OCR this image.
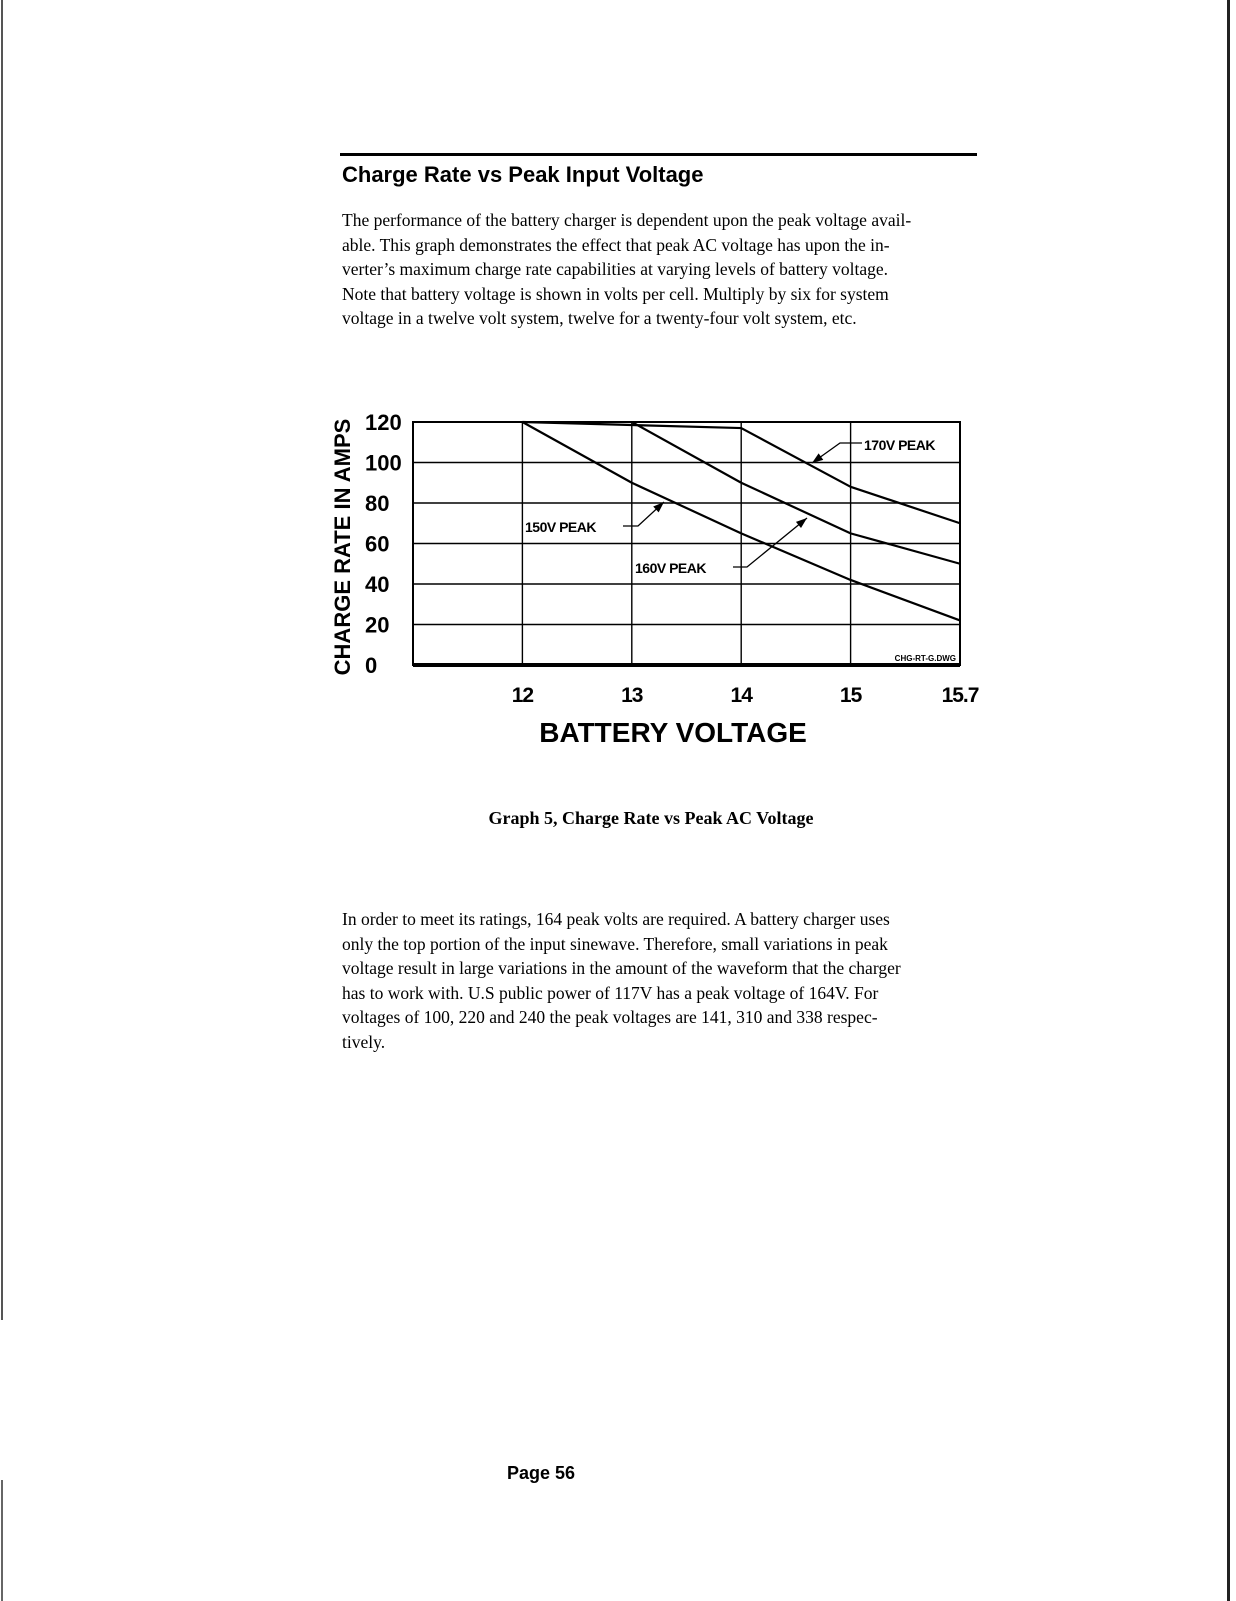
Charge Rate vs Peak Input Voltage
The performance of the battery charger is dependent upon the peak voltage avail-
able. This graph demonstrates the effect that peak AC voltage has upon the in-
verter’s maximum charge rate capabilities at varying levels of battery voltage.
Note that battery voltage is shown in volts per cell. Multiply by six for system
voltage in a twelve volt system, twelve for a twenty-four volt system, etc.
150V PEAK
160V PEAK
170V PEAK
120
100
80
60
40
20
0
12	13	14	15	15.7
BATTERY VOLTAGE
CHARGE RATE IN AMPS	CHG-RT-G.DWG
Graph 5, Charge Rate vs Peak AC Voltage
In order to meet its ratings, 164 peak volts are required. A battery charger uses
only the top portion of the input sinewave. Therefore, small variations in peak
voltage result in large variations in the amount of the waveform that the charger
has to work with. U.S public power of 117V has a peak voltage of 164V. For
voltages of 100, 220 and 240 the peak voltages are 141, 310 and 338 respec-
tively.
Page 56
